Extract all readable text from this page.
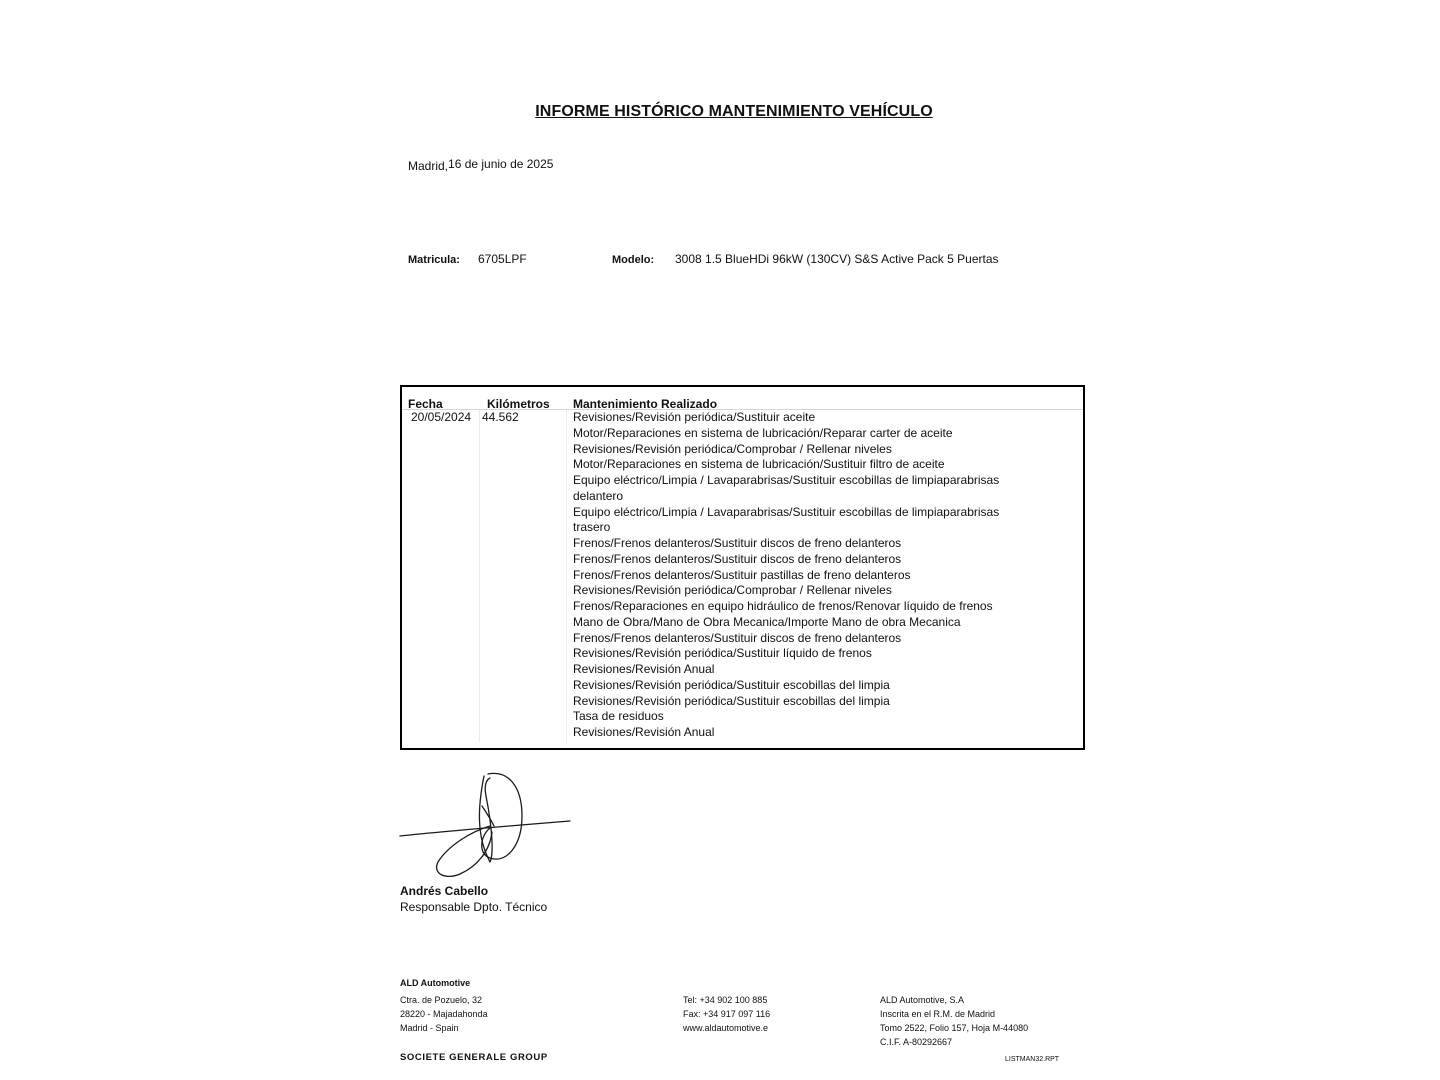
INFORME HISTÓRICO MANTENIMIENTO VEHÍCULO
Madrid,16 de junio de 2025
Matricula: 6705LPF	Modelo: 3008 1.5 BlueHDi 96kW (130CV) S&S Active Pack 5 Puertas
Fecha	Kilómetros Mantenimiento Realizado
20/05/2024 44.562	Revisiones/Revisión periódica/Sustituir aceite
Motor/Reparaciones en sistema de lubricación/Reparar carter de aceite
Revisiones/Revisión periódica/Comprobar / Rellenar niveles
Motor/Reparaciones en sistema de lubricación/Sustituir filtro de aceite
Equipo eléctrico/Limpia / Lavaparabrisas/Sustituir escobillas de limpiaparabrisas delantero
Equipo eléctrico/Limpia / Lavaparabrisas/Sustituir escobillas de limpiaparabrisas trasero
Frenos/Frenos delanteros/Sustituir discos de freno delanteros
Frenos/Frenos delanteros/Sustituir discos de freno delanteros
Frenos/Frenos delanteros/Sustituir pastillas de freno delanteros
Revisiones/Revisión periódica/Comprobar / Rellenar niveles
Frenos/Reparaciones en equipo hidráulico de frenos/Renovar líquido de frenos
Mano de Obra/Mano de Obra Mecanica/Importe Mano de obra Mecanica
Frenos/Frenos delanteros/Sustituir discos de freno delanteros
Revisiones/Revisión periódica/Sustituir líquido de frenos
Revisiones/Revisión Anual
Revisiones/Revisión periódica/Sustituir escobillas del limpia
Revisiones/Revisión periódica/Sustituir escobillas del limpia
Tasa de residuos
Revisiones/Revisión Anual
Andrés Cabello
Responsable Dpto. Técnico
ALD Automotive
Ctra. de Pozuelo, 32
28220 - Majadahonda
Madrid - Spain
Tel: +34 902 100 885
Fax: +34 917 097 116
www.aldautomotive.e
ALD Automotive, S.A
Inscrita en el R.M. de Madrid
Tomo 2522, Folio 157, Hoja M-44080
C.I.F. A-80292667
SOCIETE GENERALE GROUP	LISTMAN32.RPT
